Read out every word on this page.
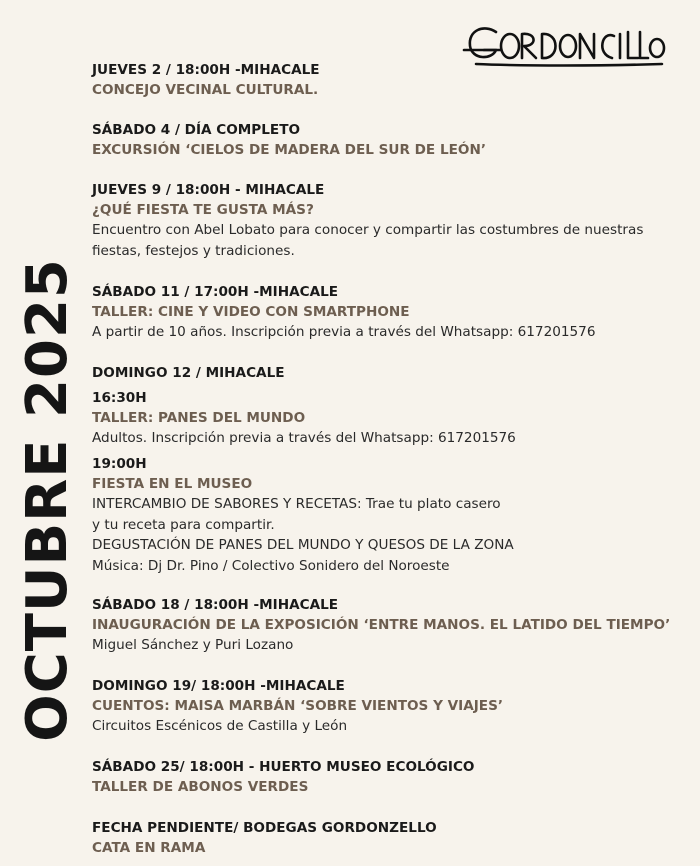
OCTUBRE 2025
JUEVES 2 / 18:00H -MIHACALE
CONCEJO VECINAL CULTURAL.
SÁBADO 4 / DÍA COMPLETO
EXCURSIÓN ‘CIELOS DE MADERA DEL SUR DE LEÓN’
JUEVES 9 / 18:00H - MIHACALE
¿QUÉ FIESTA TE GUSTA MÁS?
Encuentro con Abel Lobato para conocer y compartir las costumbres de nuestras
fiestas, festejos y tradiciones.
SÁBADO 11 / 17:00H -MIHACALE
TALLER: CINE Y VIDEO CON SMARTPHONE
A partir de 10 años. Inscripción previa a través del Whatsapp: 617201576
DOMINGO 12 / MIHACALE
16:30H
TALLER: PANES DEL MUNDO
Adultos. Inscripción previa a través del Whatsapp: 617201576
19:00H
FIESTA EN EL MUSEO
INTERCAMBIO DE SABORES Y RECETAS: Trae tu plato casero
y tu receta para compartir.
DEGUSTACIÓN DE PANES DEL MUNDO Y QUESOS DE LA ZONA
Música: Dj Dr. Pino / Colectivo Sonidero del Noroeste
SÁBADO 18 / 18:00H -MIHACALE
INAUGURACIÓN DE LA EXPOSICIÓN ‘ENTRE MANOS. EL LATIDO DEL TIEMPO’
Miguel Sánchez y Puri Lozano
DOMINGO 19/ 18:00H -MIHACALE
CUENTOS: MAISA MARBÁN ‘SOBRE VIENTOS Y VIAJES’
Circuitos Escénicos de Castilla y León
SÁBADO 25/ 18:00H - HUERTO MUSEO ECOLÓGICO
TALLER DE ABONOS VERDES
FECHA PENDIENTE/ BODEGAS GORDONZELLO
CATA EN RAMA
